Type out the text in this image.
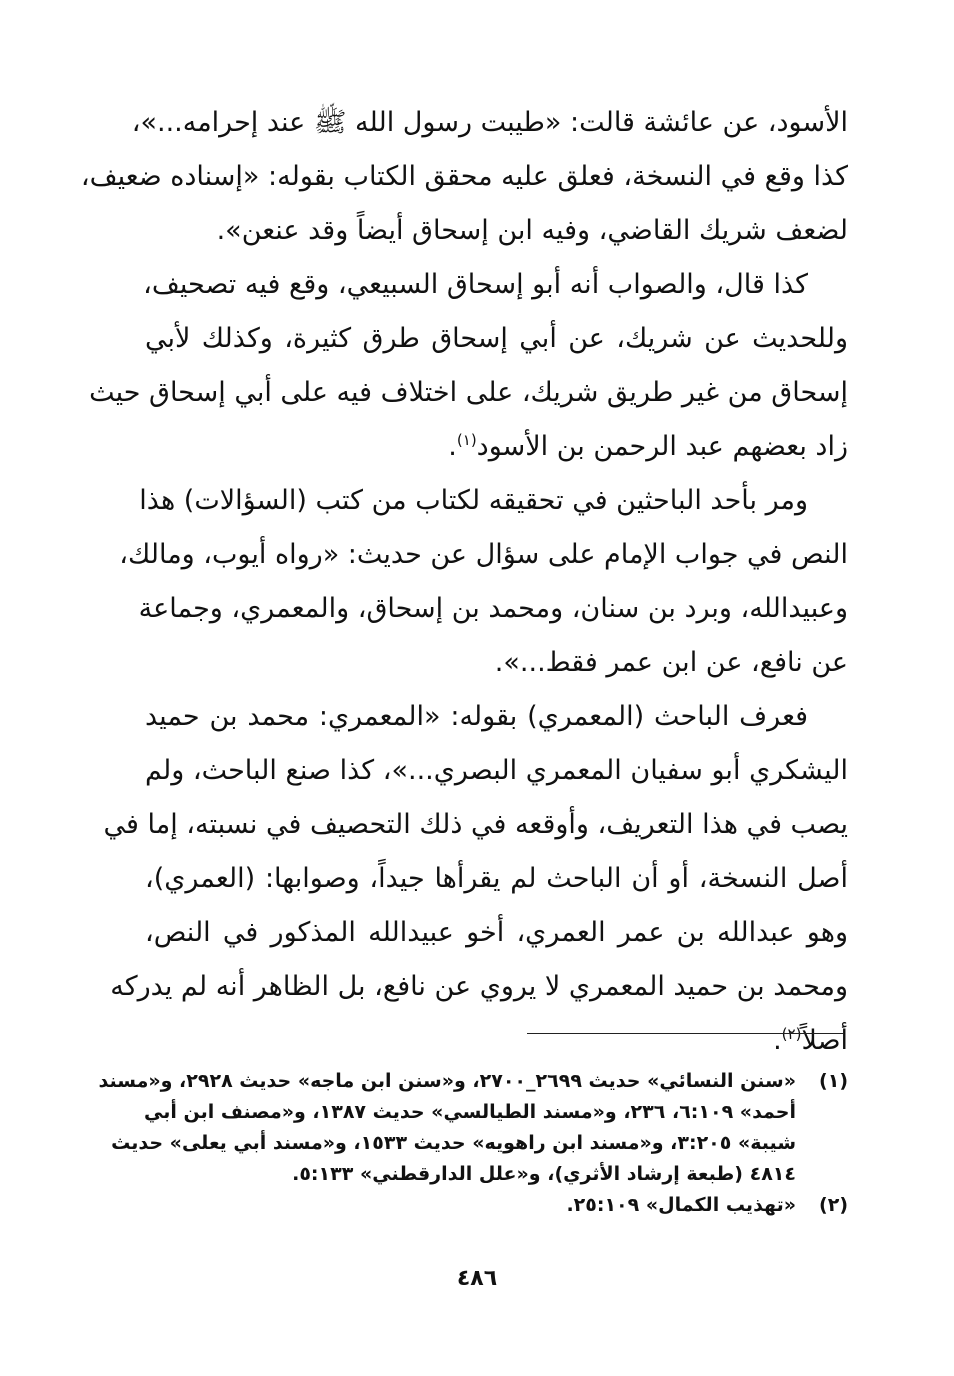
الأسود، عن عائشة قالت: «طيبت رسول الله ﷺ عند إحرامه...»،
كذا وقع في النسخة، فعلق عليه محقق الكتاب بقوله: «إسناده ضعيف،
لضعف شريك القاضي، وفيه ابن إسحاق أيضاً وقد عنعن».
كذا قال، والصواب أنه أبو إسحاق السبيعي، وقع فيه تصحيف،
وللحديث عن شريك، عن أبي إسحاق طرق كثيرة، وكذلك لأبي
إسحاق من غير طريق شريك، على اختلاف فيه على أبي إسحاق حيث
زاد بعضهم عبد الرحمن بن الأسود$^{(١)}$.
ومر بأحد الباحثين في تحقيقه لكتاب من كتب (السؤالات) هذا
النص في جواب الإمام على سؤال عن حديث: «رواه أيوب، ومالك،
وعبيدالله، وبرد بن سنان، ومحمد بن إسحاق، والمعمري، وجماعة
عن نافع، عن ابن عمر فقط...».
فعرف الباحث (المعمري) بقوله: «المعمري: محمد بن حميد
اليشكري أبو سفيان المعمري البصري...»، كذا صنع الباحث، ولم
يصب في هذا التعريف، وأوقعه في ذلك التحصيف في نسبته، إما في
أصل النسخة، أو أن الباحث لم يقرأها جيداً، وصوابها: (العمري)،
وهو عبدالله بن عمر العمري، أخو عبيدالله المذكور في النص،
ومحمد بن حميد المعمري لا يروي عن نافع، بل الظاهر أنه لم يدركه
أصلاً$^{(٢)}$.
(١)
«سنن النسائي» حديث ٢٦٩٩_٢٧٠٠، و«سنن ابن ماجه» حديث ٢٩٢٨، و«مسند
أحمد» ٦:١٠٩، ٢٣٦، و«مسند الطيالسي» حديث ١٣٨٧، و«مصنف ابن أبي
شيبة» ٣:٢٠٥، و«مسند ابن راهويه» حديث ١٥٣٣، و«مسند أبي يعلى» حديث
٤٨١٤ (طبعة إرشاد الأثري)، و«علل الدارقطني» ٥:١٣٣.
(٢)
«تهذيب الكمال» ٢٥:١٠٩.
٤٨٦
